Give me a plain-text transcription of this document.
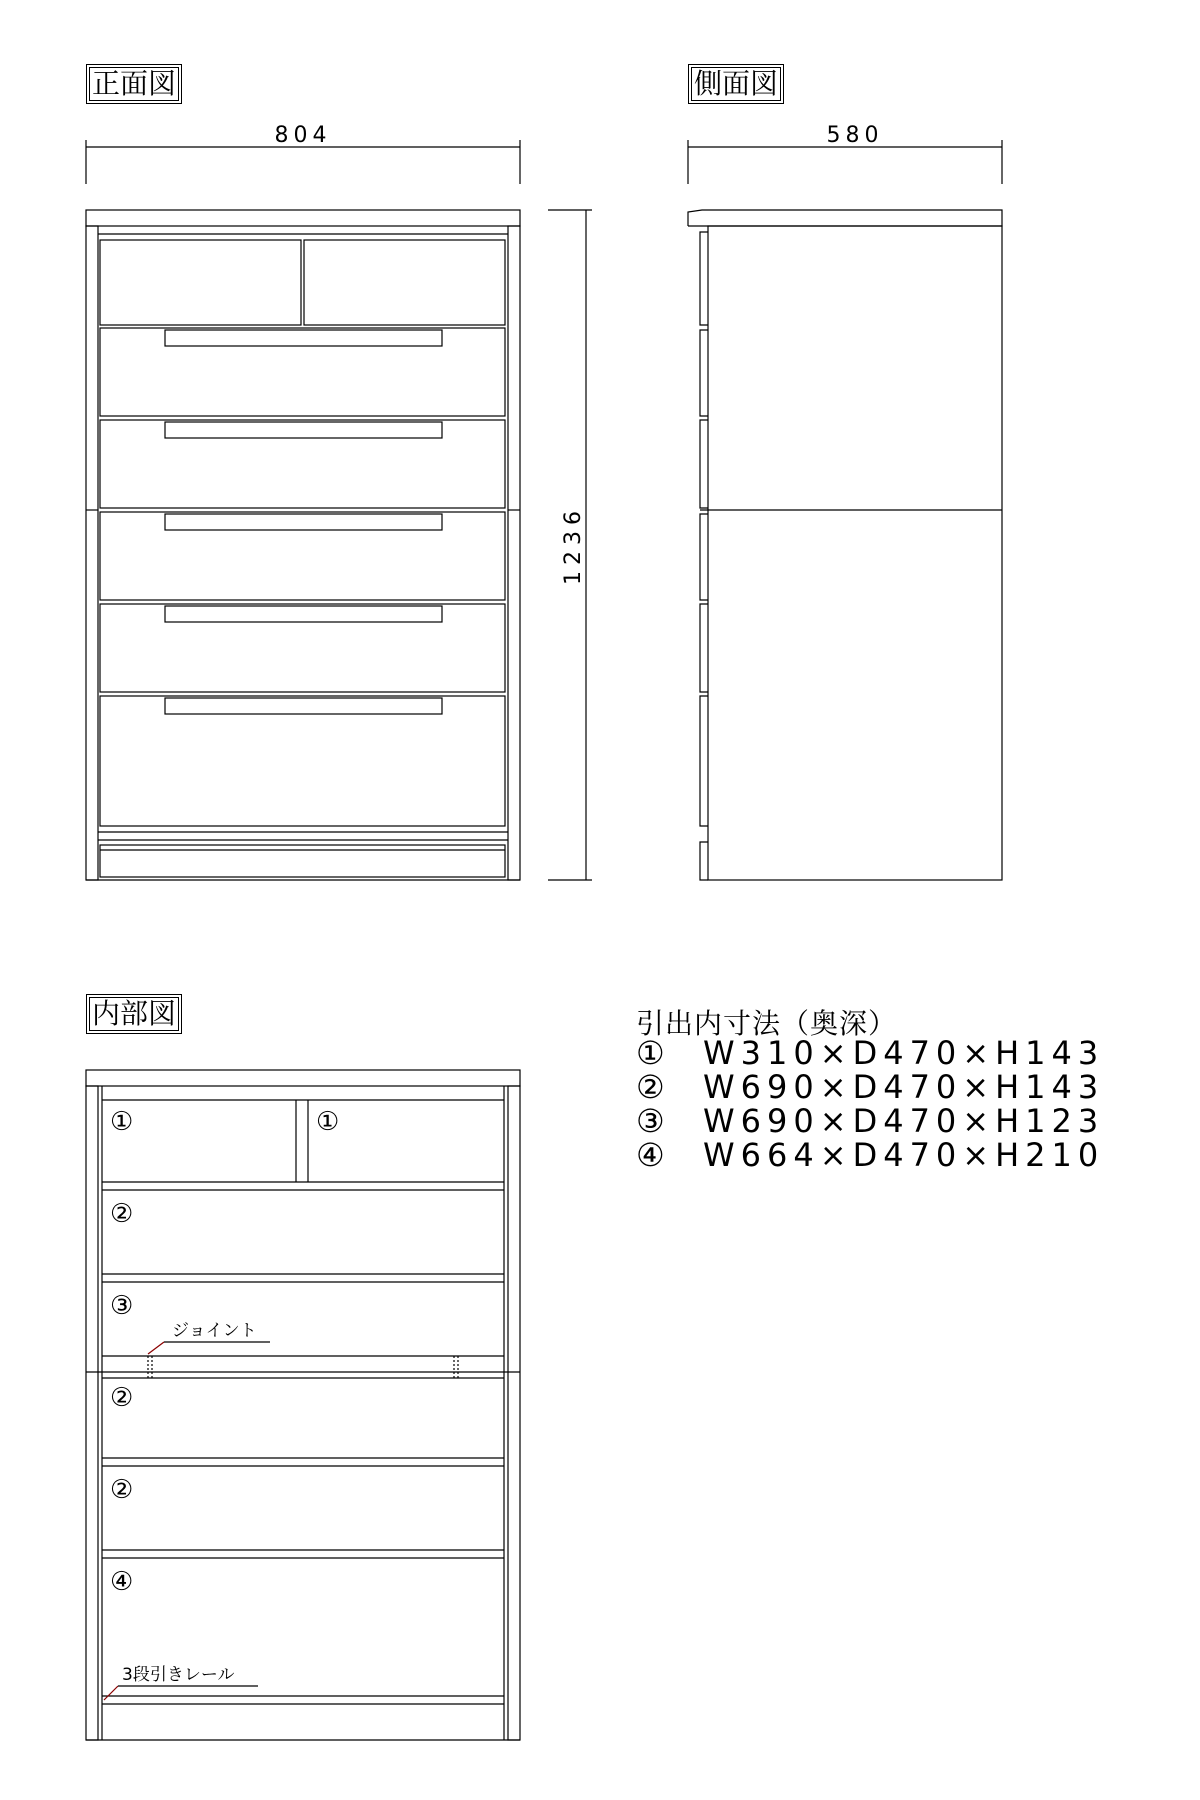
正面図	側面図
内部図
804
1236
580
①	①
②
③
②
②
④
ジョイント
3段引きレール
引出内寸法（奥深）
①  W310×D470×H143
②  W690×D470×H143
③  W690×D470×H123
④  W664×D470×H210
